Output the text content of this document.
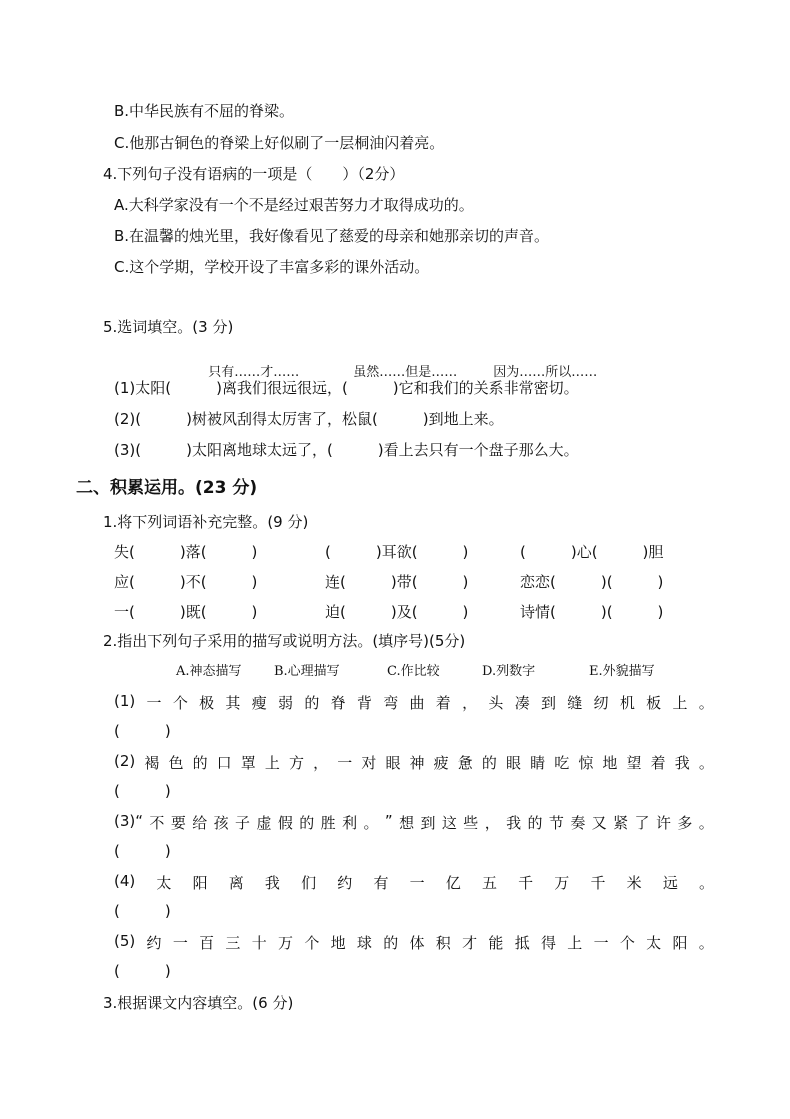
B.中华民族有不屈的脊梁。
C.他那古铜色的脊梁上好似刷了一层桐油闪着亮。
4.下列句子没有语病的一项是（　　）（2分）
A.大科学家没有一个不是经过艰苦努力才取得成功的。
B.在温馨的烛光里，我好像看见了慈爱的母亲和她那亲切的声音。
C.这个学期，学校开设了丰富多彩的课外活动。
5.选词填空。(3 分)

只有……才……	虽然……但是……	因为……所以……

(1)太阳(　　　)离我们很远很远，(　　　)它和我们的关系非常密切。
(2)(　　　)树被风刮得太厉害了，松鼠(　　　)到地上来。
(3)(　　　)太阳离地球太远了，(　　　)看上去只有一个盘子那么大。
二、积累运用。(23 分)
1.将下列词语补充完整。(9 分)
失(　　　)落(　　　)	(　　　)耳欲(　　　)	(　　　)心(　　　)胆
应(　　　)不(　　　)	连(　　　)带(　　　)	恋恋(　　　)(　　　)
一(　　　)既(　　　)	迫(　　　)及(　　　)	诗情(　　　)(　　　)
2.指出下列句子采用的描写或说明方法。(填序号)(5分)
A.神态描写 B.心理描写	C.作比较	D.列数字	E.外貌描写
(1) 一 个 极 其 瘦 弱 的 脊 背 弯 曲 着 ， 头 凑 到 缝 纫 机 板 上 。
(　　　)
(2) 褐 色 的 口 罩 上 方 ， 一 对 眼 神 疲 惫 的 眼 睛 吃 惊 地 望 着 我 。
(　　　)
(3)“ 不 要 给 孩 子 虚 假 的 胜 利 。 ” 想 到 这 些 ， 我 的 节 奏 又 紧 了 许 多 。
(　　　)
(4) 太 阳 离 我 们 约 有 一 亿 五 千 万 千 米 远 。
(　　　)
(5) 约 一 百 三 十 万 个 地 球 的 体 积 才 能 抵 得 上 一 个 太 阳 。
(　　　)
3.根据课文内容填空。(6 分)
